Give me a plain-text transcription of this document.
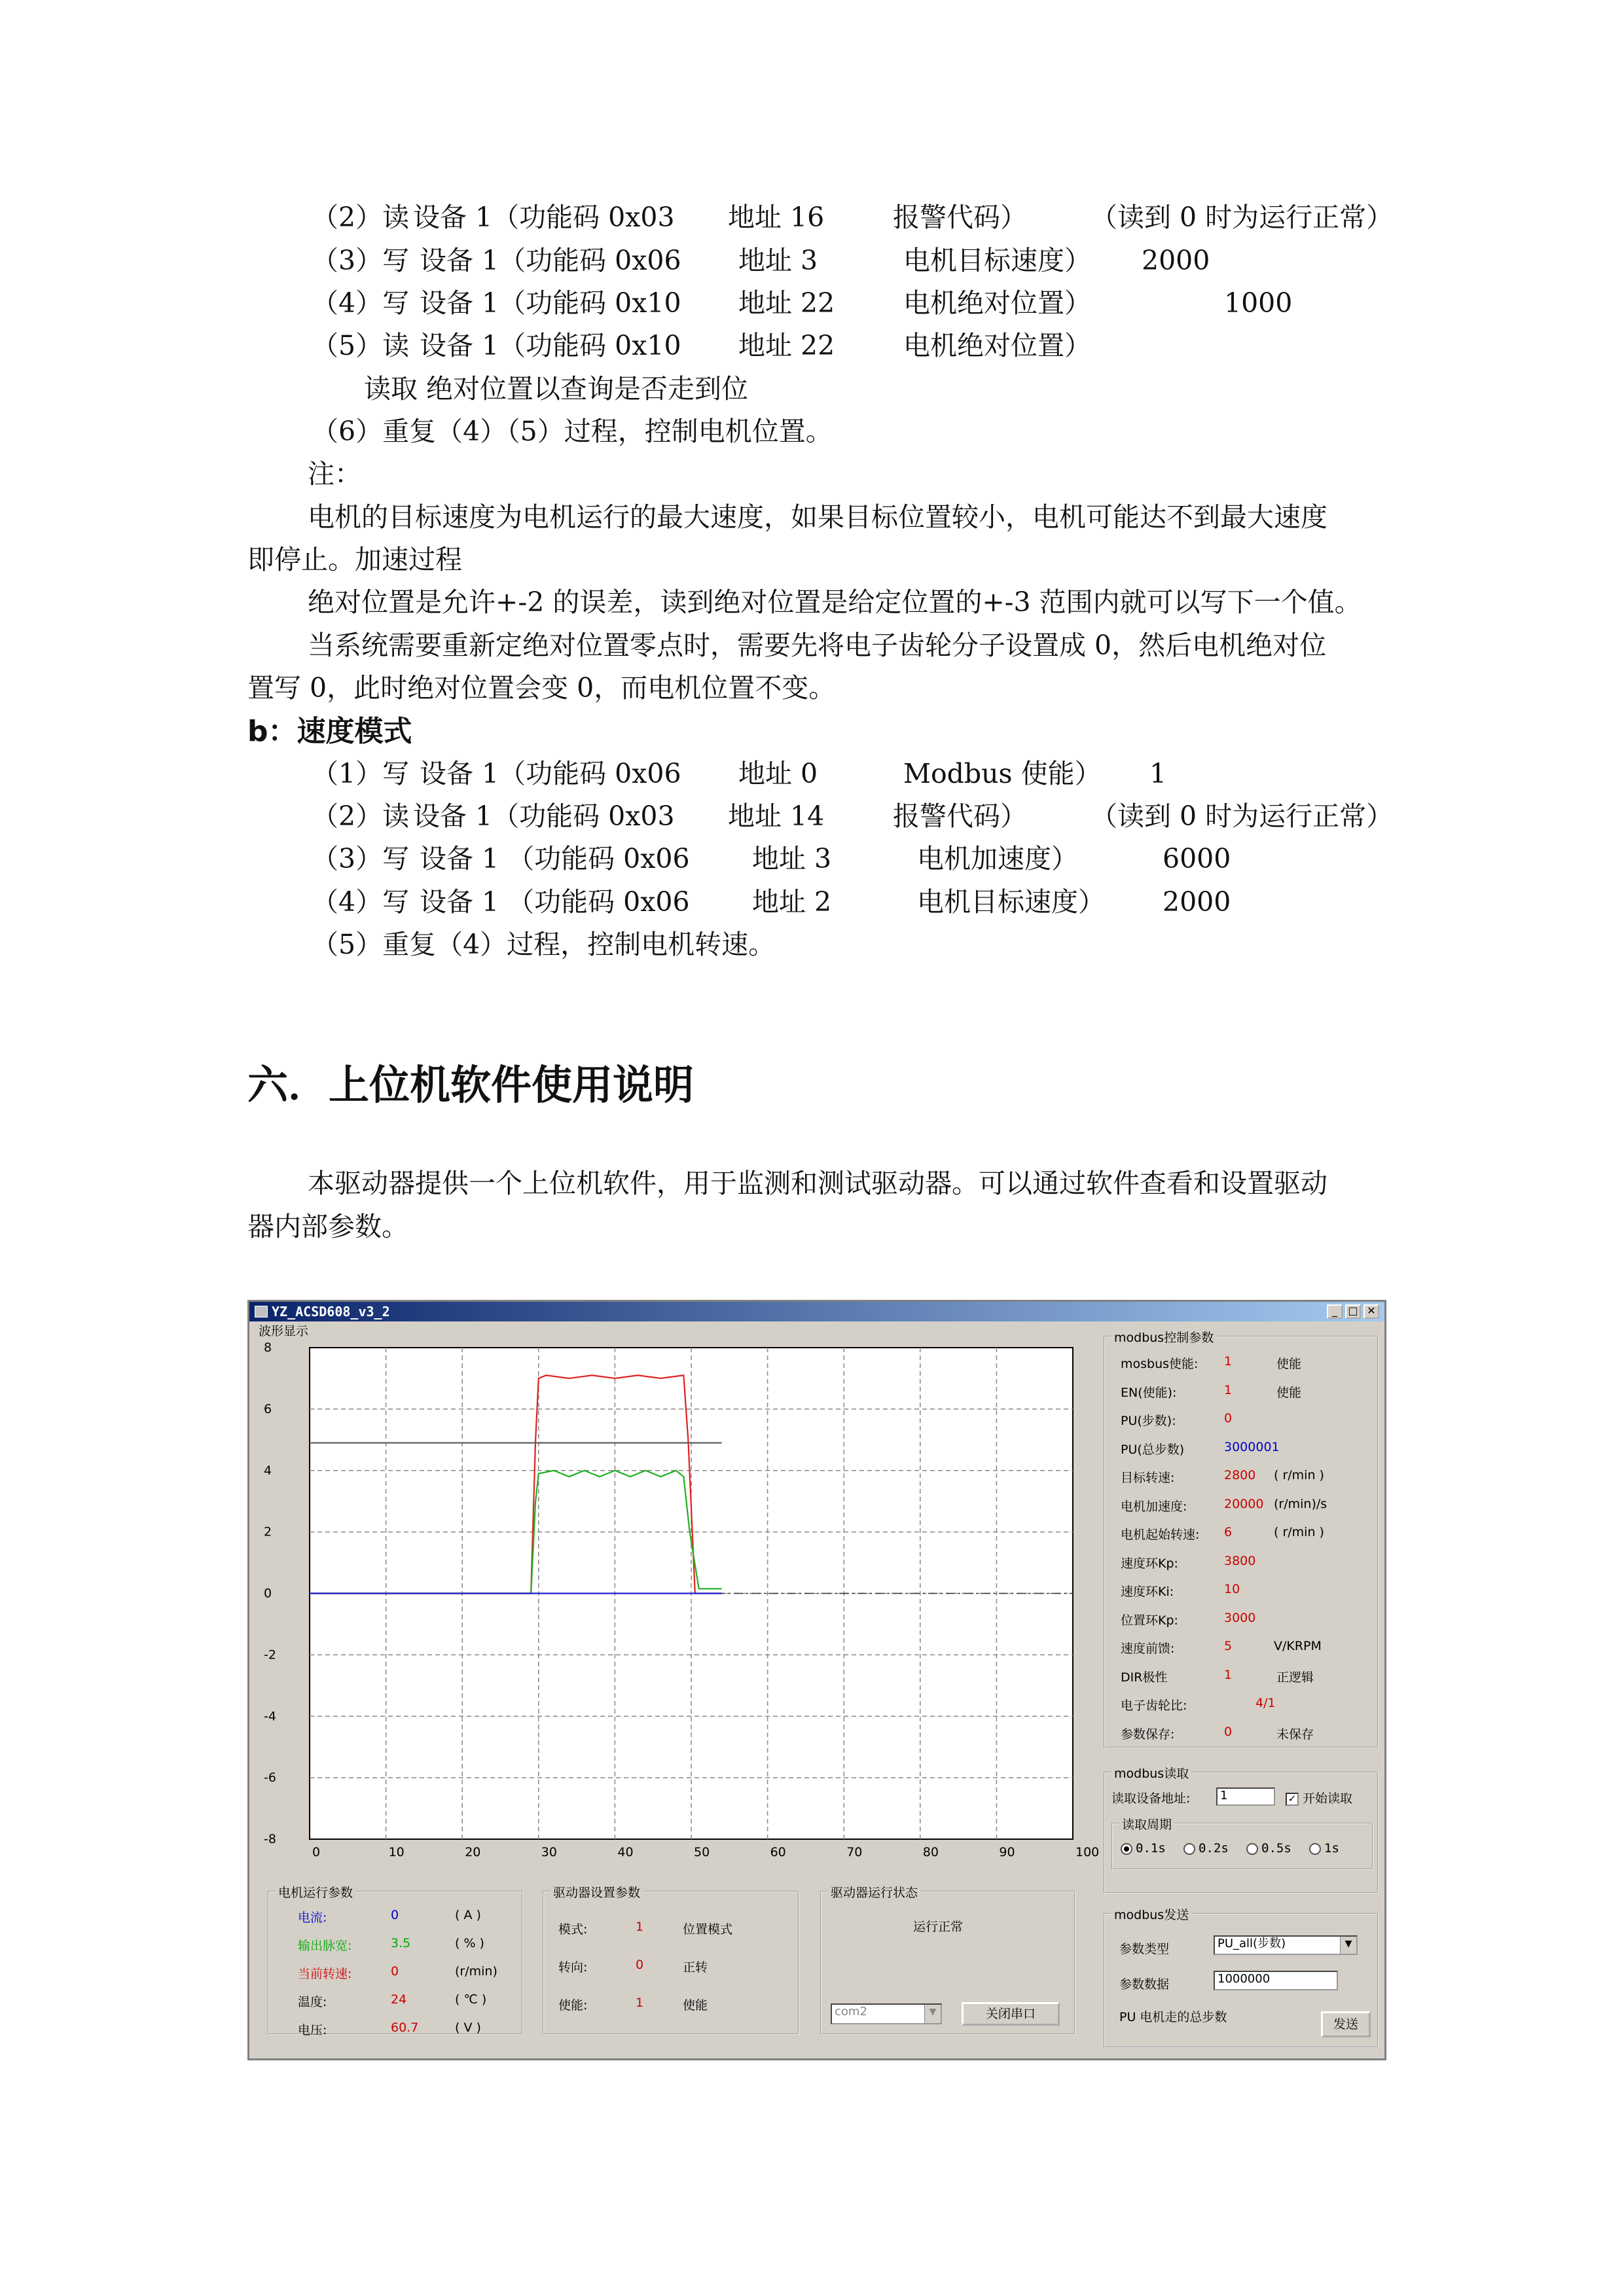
（2）读 设备 1（功能码 0x03 地址 16	报警代码） （读到 0 时为运行正常）
（3）写 设备 1（功能码 0x06 地址 3	电机目标速度） 2000
（4）写 设备 1（功能码 0x10 地址 22	电机绝对位置）	1000
（5）读 设备 1（功能码 0x10 地址 22	电机绝对位置）
读取 绝对位置以查询是否走到位
（6）重复（4）（5）过程，控制电机位置。
注：
电机的目标速度为电机运行的最大速度，如果目标位置较小，电机可能达不到最大速度
即停止。加速过程
绝对位置是允许+-2 的误差，读到绝对位置是给定位置的+-3 范围内就可以写下一个值。
当系统需要重新定绝对位置零点时，需要先将电子齿轮分子设置成 0，然后电机绝对位
置写 0，此时绝对位置会变 0，而电机位置不变。
b：速度模式
（1）写 设备 1（功能码 0x06 地址 0	Modbus 使能） 1
（2）读 设备 1（功能码 0x03 地址 14	报警代码） （读到 0 时为运行正常）
（3）写 设备 1 （功能码 0x06 地址 3	电机加速度）	6000
（4）写 设备 1 （功能码 0x06 地址 2	电机目标速度） 2000
（5）重复（4）过程，控制电机转速。
六．上位机软件使用说明
本驱动器提供一个上位机软件，用于监测和测试驱动器。可以通过软件查看和设置驱动
器内部参数。
YZ_ACSD608_v3_2	_	□ ✕
波形显示
0	10	20	30	40	50	60	70	80	90	100
8
6
4
2
0
-2
-4
-6
-8
modbus控制参数
mosbus使能: 1	使能
EN(使能):	1	使能
PU(步数):	0
PU(总步数)	3000001
目标转速:	2800 ( r/min )
电机加速度:	20000 (r/min)/s
电机起始转速: 6	( r/min )
速度环Kp:	3800
速度环Ki:	10
位置环Kp:	3000
速度前馈:	5	V/KRPM
DIR极性	1	正逻辑
电子齿轮比:	4/1
参数保存:	0	未保存
modbus读取
读取设备地址:	1	✓ 开始读取
读取周期
0.1s	0.2s	0.5s	1s
modbus发送
参数类型	PU_all(步数)	▼
参数数据	1000000
PU 电机走的总步数	发送
电机运行参数
电流:	0	( A )
输出脉宽:	3.5	( % )
当前转速:	0	(r/min)
温度:	24	( ℃ )
电压:	60.7	( V )
驱动器设置参数
模式:	1	位置模式
转向:	0	正转
使能:	1	使能
驱动器运行状态
运行正常
com2	▼	关闭串口
